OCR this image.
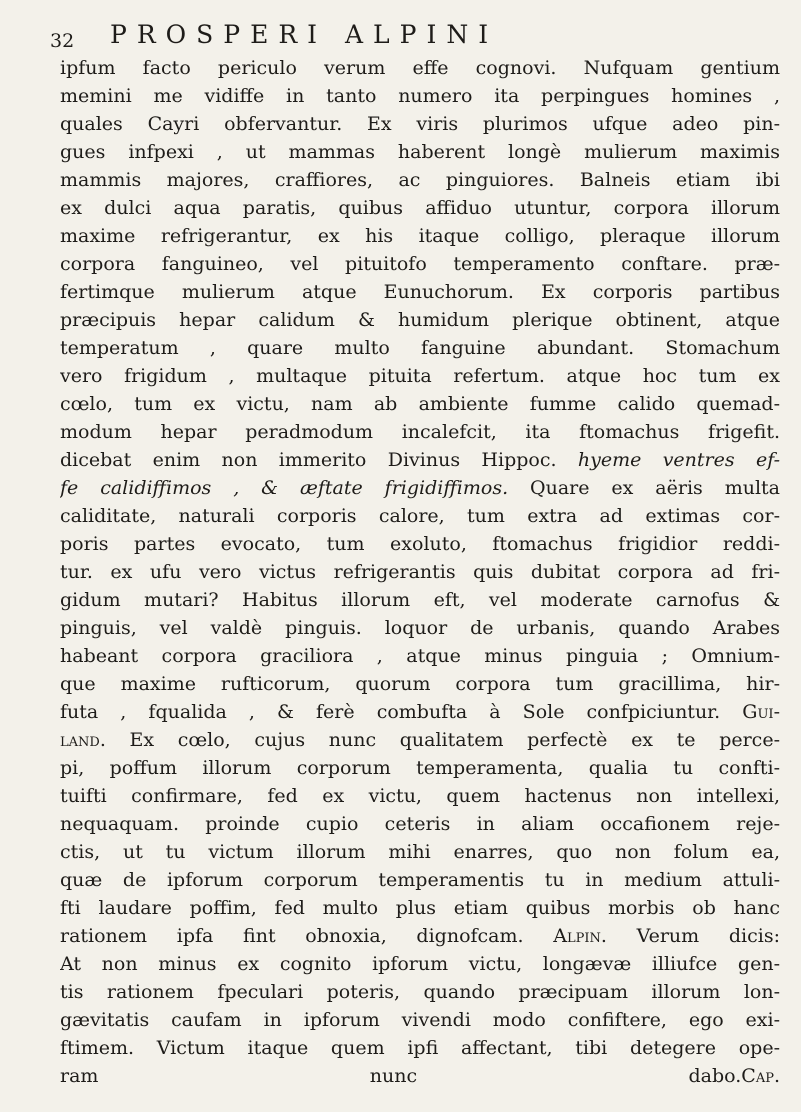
32 PROSPERI ALPINI
ipfum facto periculo verum effe cognovi. Nufquam gentium
memini me vidiffe in tanto numero ita perpingues homines ,
quales Cayri obfervantur. Ex viris plurimos ufque adeo pin-
gues infpexi , ut mammas haberent longè mulierum maximis
mammis majores, craffiores, ac pinguiores. Balneis etiam ibi
ex dulci aqua paratis, quibus affiduo utuntur, corpora illorum
maxime refrigerantur, ex his itaque colligo, pleraque illorum
corpora fanguineo, vel pituitofo temperamento conftare. præ-
fertimque mulierum atque Eunuchorum. Ex corporis partibus
præcipuis hepar calidum & humidum plerique obtinent, atque
temperatum , quare multo fanguine abundant. Stomachum
vero frigidum , multaque pituita refertum. atque hoc tum ex
cœlo, tum ex victu, nam ab ambiente fumme calido quemad-
modum hepar peradmodum incalefcit, ita ftomachus frigefit.
dicebat enim non immerito Divinus Hippoc. hyeme ventres ef-
fe calidiffimos , & æftate frigidiffimos. Quare ex aëris multa
caliditate, naturali corporis calore, tum extra ad extimas cor-
poris partes evocato, tum exoluto, ftomachus frigidior reddi-
tur. ex ufu vero victus refrigerantis quis dubitat corpora ad fri-
gidum mutari? Habitus illorum eft, vel moderate carnofus &
pinguis, vel valdè pinguis. loquor de urbanis, quando Arabes
habeant corpora graciliora , atque minus pinguia ; Omnium-
que maxime rufticorum, quorum corpora tum gracillima, hir-
futa , fqualida , & ferè combufta à Sole confpiciuntur. Gui-
land. Ex cœlo, cujus nunc qualitatem perfectè ex te perce-
pi, poffum illorum corporum temperamenta, qualia tu confti-
tuifti confirmare, fed ex victu, quem hactenus non intellexi,
nequaquam. proinde cupio ceteris in aliam occafionem reje-
ctis, ut tu victum illorum mihi enarres, quo non folum ea,
quæ de ipforum corporum temperamentis tu in medium attuli-
fti laudare poffim, fed multo plus etiam quibus morbis ob hanc
rationem ipfa fint obnoxia, dignofcam. Alpin. Verum dicis:
At non minus ex cognito ipforum victu, longævæ illiufce gen-
tis rationem fpeculari poteris, quando præcipuam illorum lon-
gævitatis caufam in ipforum vivendi modo confiftere, ego exi-
ftimem. Victum itaque quem ipfi affectant, tibi detegere ope-
ram nunc dabo.Cap.
